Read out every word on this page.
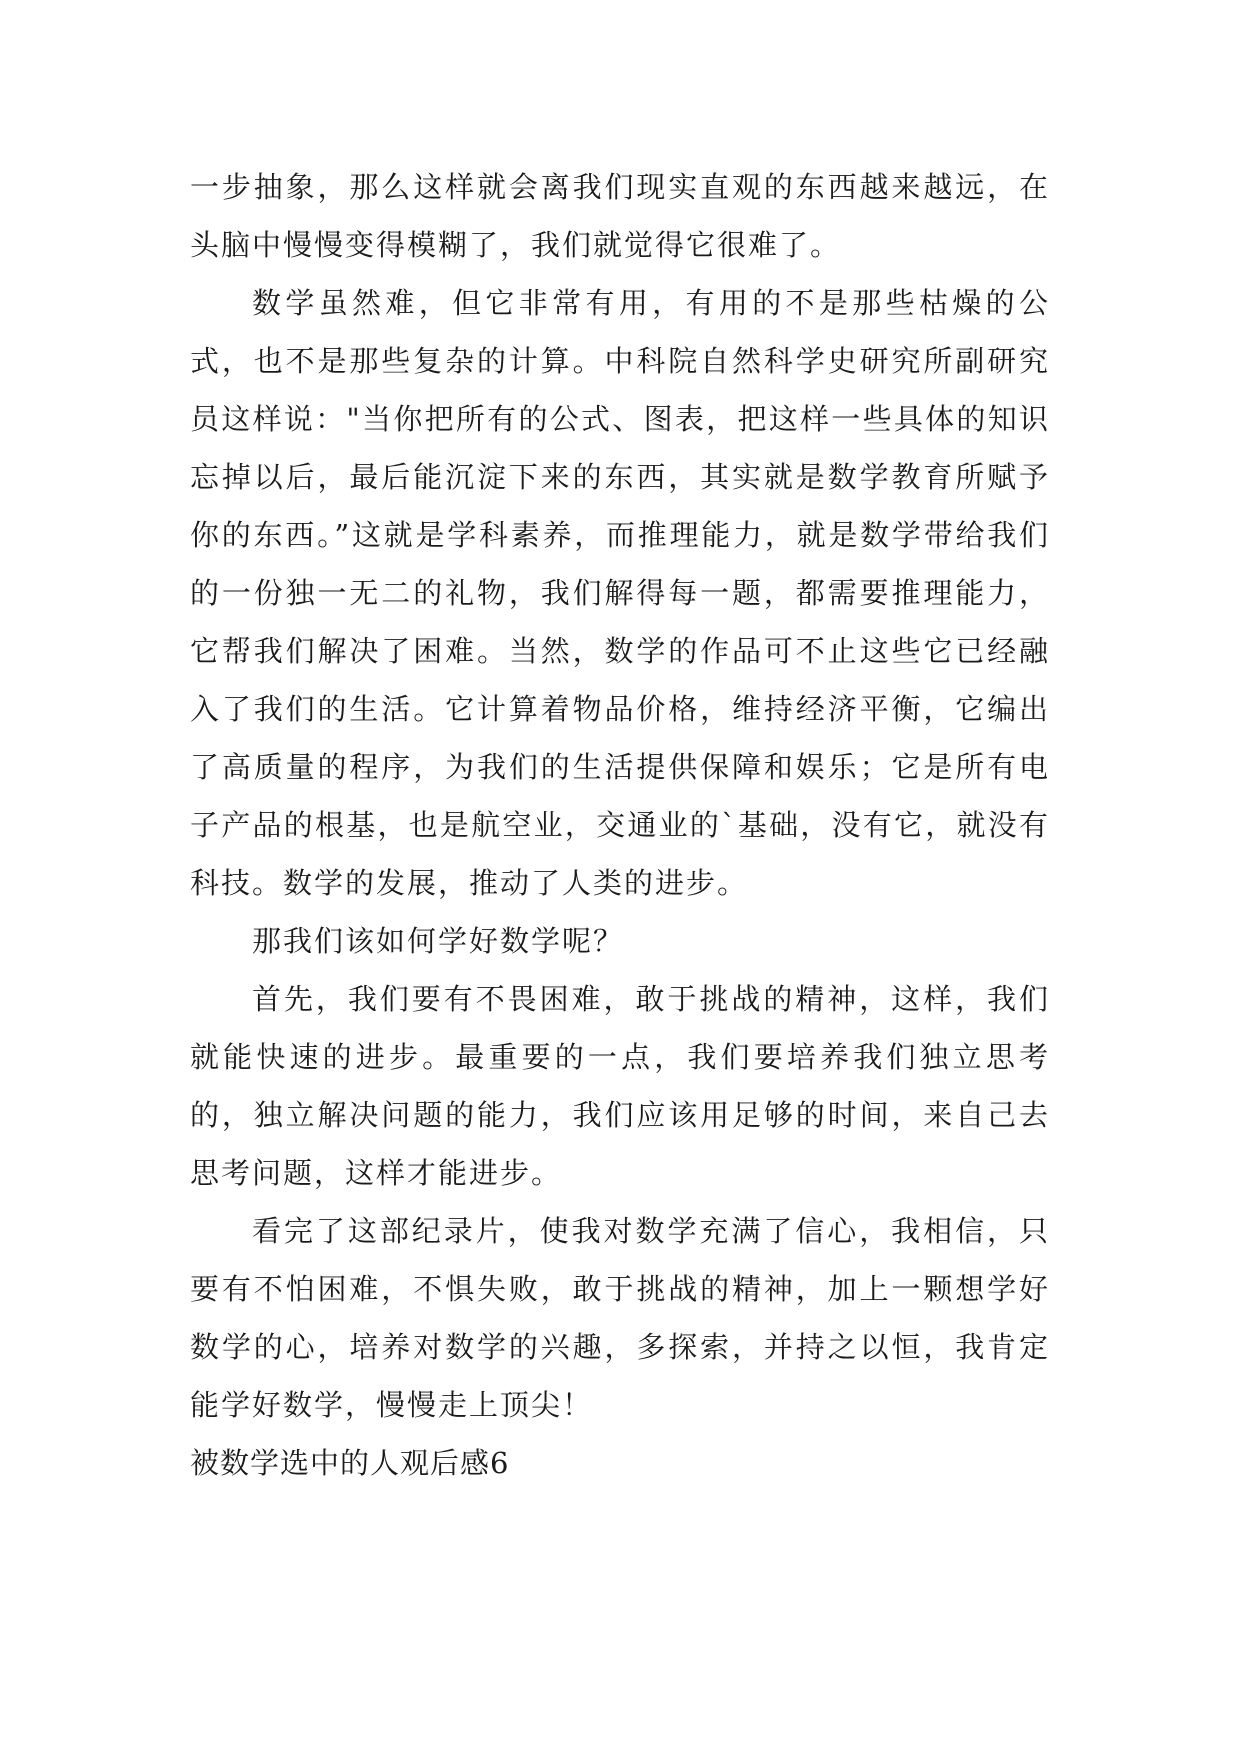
一步抽象，那么这样就会离我们现实直观的东西越来越远，在头脑中慢慢变得模糊了，我们就觉得它很难了。

数学虽然难，但它非常有用，有用的不是那些枯燥的公式，也不是那些复杂的计算。中科院自然科学史研究所副研究员这样说："当你把所有的公式、图表，把这样一些具体的知识忘掉以后，最后能沉淀下来的东西，其实就是数学教育所赋予你的东西。”这就是学科素养，而推理能力，就是数学带给我们的一份独一无二的礼物，我们解得每一题，都需要推理能力，它帮我们解决了困难。当然，数学的作品可不止这些它已经融入了我们的生活。它计算着物品价格，维持经济平衡，它编出了高质量的程序，为我们的生活提供保障和娱乐；它是所有电子产品的根基，也是航空业，交通业的`基础，没有它，就没有科技。数学的发展，推动了人类的进步。

那我们该如何学好数学呢？

首先，我们要有不畏困难，敢于挑战的精神，这样，我们就能快速的进步。最重要的一点，我们要培养我们独立思考的，独立解决问题的能力，我们应该用足够的时间，来自己去思考问题，这样才能进步。

看完了这部纪录片，使我对数学充满了信心，我相信，只要有不怕困难，不惧失败，敢于挑战的精神，加上一颗想学好数学的心，培养对数学的兴趣，多探索，并持之以恒，我肯定能学好数学，慢慢走上顶尖！

被数学选中的人观后感6
